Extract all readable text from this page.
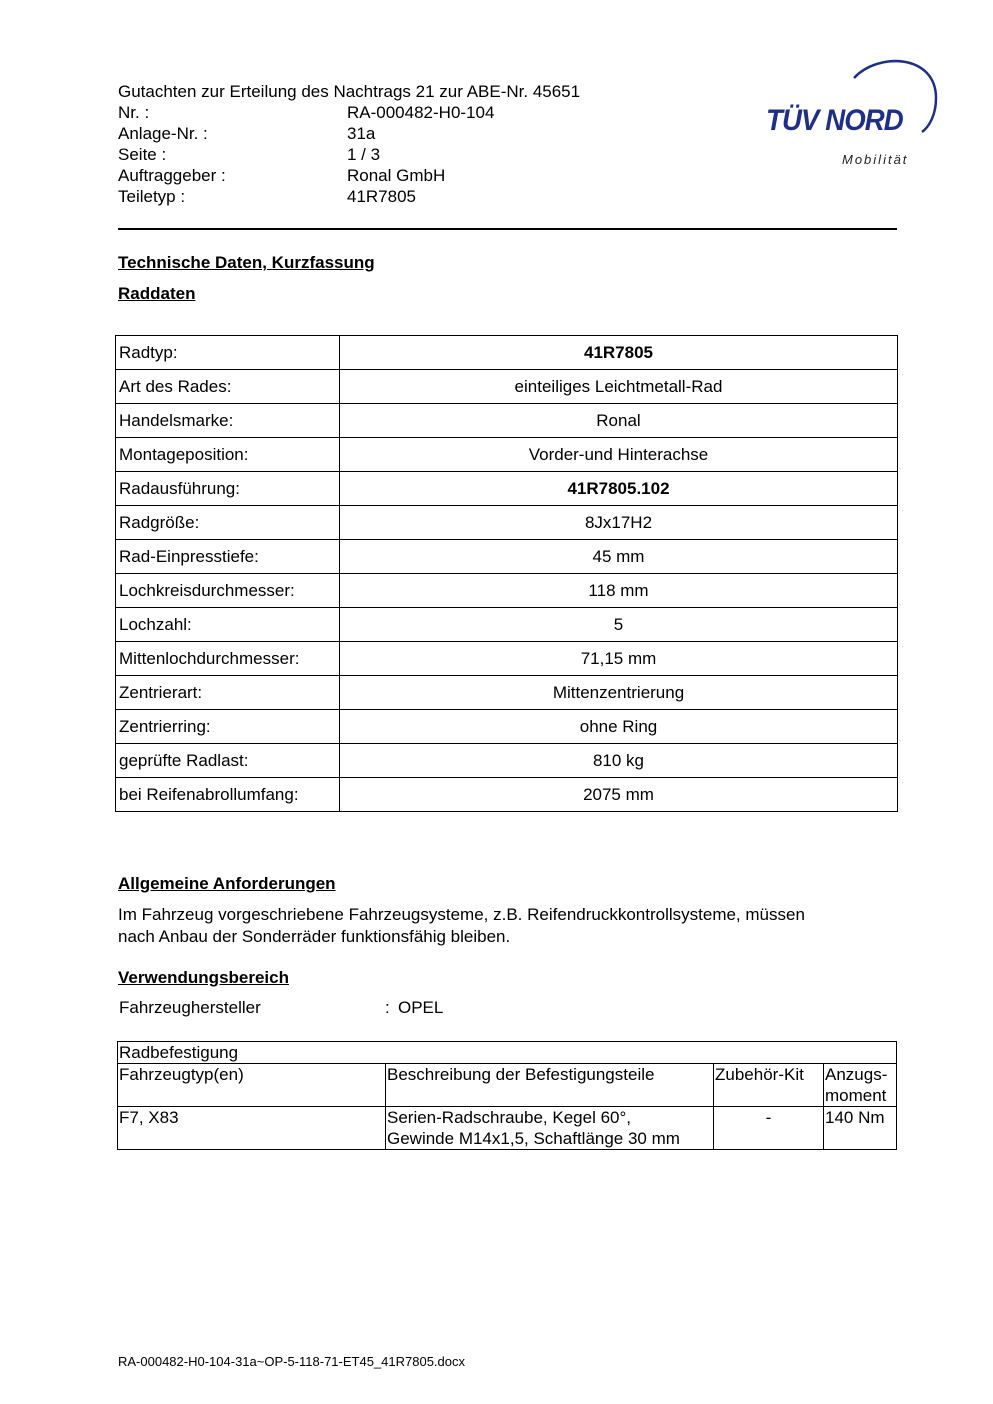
Gutachten zur Erteilung des Nachtrags 21 zur ABE-Nr. 45651
Nr. :	RA-000482-H0-104
Anlage-Nr. :	31a
Seite :	1 / 3
Auftraggeber :	Ronal GmbH
Teiletyp :	41R7805
TÜV NORD
Mobilität
Technische Daten, Kurzfassung
Raddaten
Radtyp:	41R7805
Art des Rades:	einteiliges Leichtmetall-Rad
Handelsmarke:	Ronal
Montageposition:	Vorder-und Hinterachse
Radausführung:	41R7805.102
Radgröße:	8Jx17H2
Rad-Einpresstiefe:	45 mm
Lochkreisdurchmesser:	118 mm
Lochzahl:	5
Mittenlochdurchmesser:	71,15 mm
Zentrierart:	Mittenzentrierung
Zentrierring:	ohne Ring
geprüfte Radlast:	810 kg
bei Reifenabrollumfang:	2075 mm
Allgemeine Anforderungen

Im Fahrzeug vorgeschriebene Fahrzeugsysteme, z.B. Reifendruckkontrollsysteme, müssen

nach Anbau der Sonderräder funktionsfähig bleiben.

Verwendungsbereich
Fahrzeughersteller	: OPEL
Radbefestigung			
Fahrzeugtyp(en)	Beschreibung der Befestigungsteile	Zubehör-Kit	Anzugs-
moment
F7, X83	Serien-Radschraube, Kegel 60°,
Gewinde M14x1,5, Schaftlänge 30 mm	-	140 Nm
RA-000482-H0-104-31a~OP-5-118-71-ET45_41R7805.docx
